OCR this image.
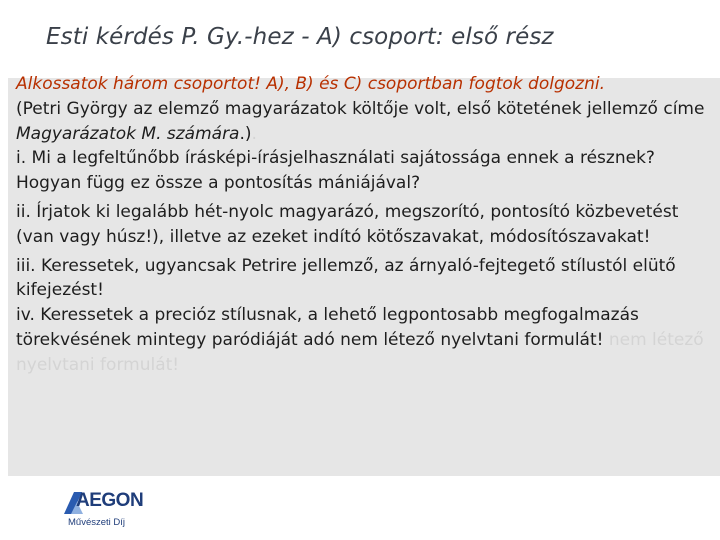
Esti kérdés P. Gy.-hez - A) csoport: első rész

Alkossatok három csoportot! A), B) és C) csoportban fogtok dolgozni.

(Petri György az elemző magyarázatok költője volt, első kötetének jellemző címe Magyarázatok M. számára.).

i. Mi a legfeltűnőbb írásképi-írásjelhasználati sajátossága ennek a résznek? Hogyan függ ez össze a pontosítás mániájával?

ii. Írjatok ki legalább hét-nyolc magyarázó, megszorító, pontosító közbevetést (van vagy húsz!), illetve az ezeket indító kötőszavakat, módosítószavakat!

iii. Keressetek, ugyancsak Petrire jellemző, az árnyaló-fejtegető stílustól elütő kifejezést!

iv. Keressetek a precióz stílusnak, a lehető legpontosabb megfogalmazás törekvésének mintegy paródiáját adó nem létező nyelvtani formulát! nem létező nyelvtani formulát!

AEGON
Művészeti Díj
